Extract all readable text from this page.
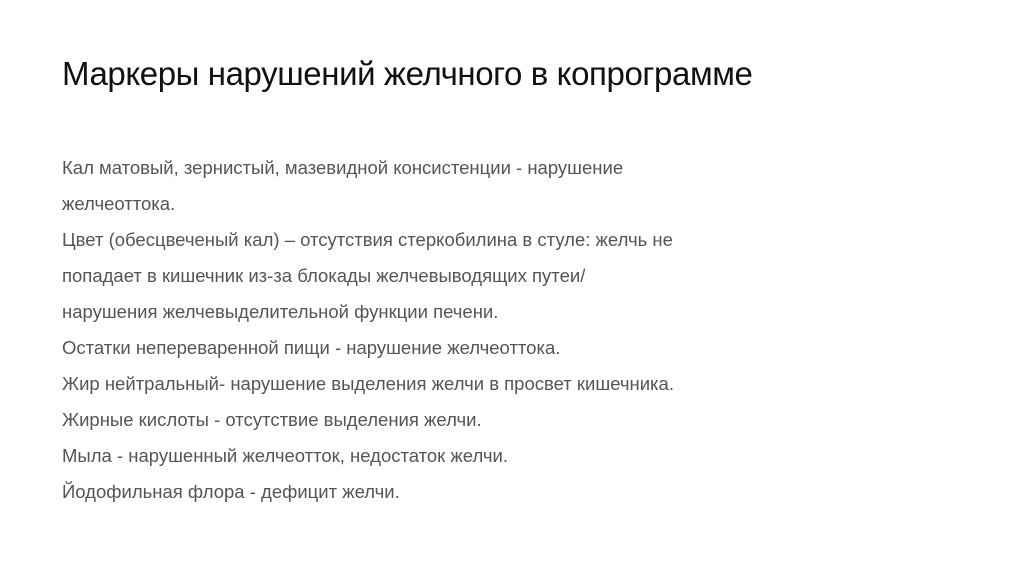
Маркеры нарушений желчного в копрограмме
Кал матовый, зернистый, мазевидной консистенции - нарушение
желчеоттока.
Цвет (обесцвеченый кал) – отсутствия стеркобилина в стуле: желчь не
попадает в кишечник из-за блокады желчевыводящих путеи/
нарушения желчевыделительной функции печени.
Остатки непереваренной пищи - нарушение желчеоттока.
Жир нейтральный- нарушение выделения желчи в просвет кишечника.
Жирные кислоты - отсутствие выделения желчи.
Мыла - нарушенный желчеотток, недостаток желчи.
Йодофильная флора - дефицит желчи.
